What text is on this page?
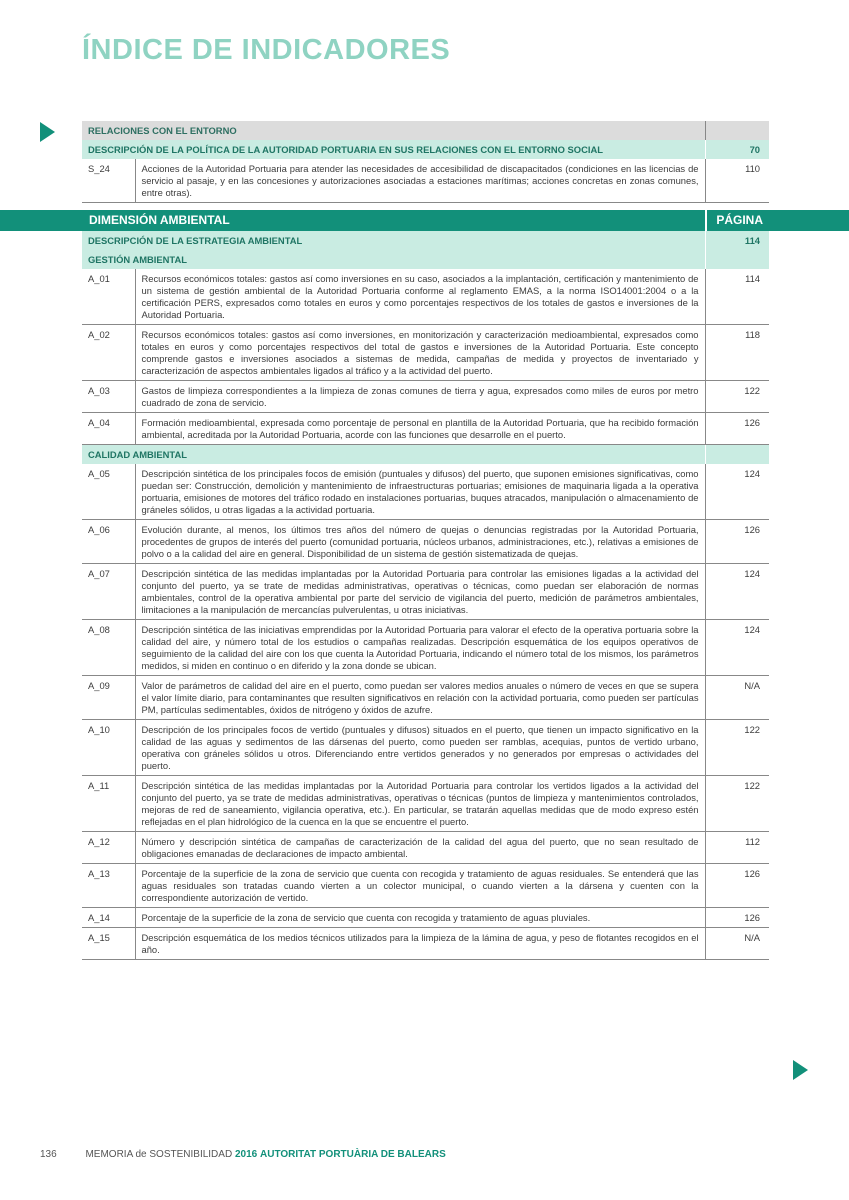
ÍNDICE DE INDICADORES
RELACIONES CON EL ENTORNO		
DESCRIPCIÓN DE LA POLÍTICA DE LA AUTORIDAD PORTUARIA EN SUS RELACIONES CON EL ENTORNO SOCIAL		70
S_24	Acciones de la Autoridad Portuaria para atender las necesidades de accesibilidad de discapacitados (condiciones en las licencias de servicio al pasaje, y en las concesiones y autorizaciones asociadas a estaciones marítimas; acciones concretas en zonas comunes, entre otras).	110
DIMENSIÓN AMBIENTAL	PÁGINA
DESCRIPCIÓN DE LA ESTRATEGIA AMBIENTAL		114
GESTIÓN AMBIENTAL		
A_01	Recursos económicos totales: gastos así como inversiones en su caso, asociados a la implantación, certificación y mantenimiento de un sistema de gestión ambiental de la Autoridad Portuaria conforme al reglamento EMAS, a la norma ISO14001:2004 o a la certificación PERS, expresados como totales en euros y como porcentajes respectivos de los totales de gastos e inversiones de la Autoridad Portuaria.	114
A_02	Recursos económicos totales: gastos así como inversiones, en monitorización y caracterización medioambiental, expresados como totales en euros y como porcentajes respectivos del total de gastos e inversiones de la Autoridad Portuaria. Este concepto comprende gastos e inversiones asociados a sistemas de medida, campañas de medida y proyectos de inventariado y caracterización de aspectos ambientales ligados al tráfico y a la actividad del puerto.	118
A_03	Gastos de limpieza correspondientes a la limpieza de zonas comunes de tierra y agua, expresados como miles de euros por metro cuadrado de zona de servicio.	122
A_04	Formación medioambiental, expresada como porcentaje de personal en plantilla de la Autoridad Portuaria, que ha recibido formación ambiental, acreditada por la Autoridad Portuaria, acorde con las funciones que desarrolle en el puerto.	126
CALIDAD AMBIENTAL		
A_05	Descripción sintética de los principales focos de emisión (puntuales y difusos) del puerto, que suponen emisiones significativas, como puedan ser: Construcción, demolición y mantenimiento de infraestructuras portuarias; emisiones de maquinaria ligada a la operativa portuaria, emisiones de motores del tráfico rodado en instalaciones portuarias, buques atracados, manipulación o almacenamiento de gráneles sólidos, u otras ligadas a la actividad portuaria.	124
A_06	Evolución durante, al menos, los últimos tres años del número de quejas o denuncias registradas por la Autoridad Portuaria, procedentes de grupos de interés del puerto (comunidad portuaria, núcleos urbanos, administraciones, etc.), relativas a emisiones de polvo o a la calidad del aire en general. Disponibilidad de un sistema de gestión sistematizada de quejas.	126
A_07	Descripción sintética de las medidas implantadas por la Autoridad Portuaria para controlar las emisiones ligadas a la actividad del conjunto del puerto, ya se trate de medidas administrativas, operativas o técnicas, como puedan ser elaboración de normas ambientales, control de la operativa ambiental por parte del servicio de vigilancia del puerto, medición de parámetros ambientales, limitaciones a la manipulación de mercancías pulverulentas, u otras iniciativas.	124
A_08	Descripción sintética de las iniciativas emprendidas por la Autoridad Portuaria para valorar el efecto de la operativa portuaria sobre la calidad del aire, y número total de los estudios o campañas realizadas. Descripción esquemática de los equipos operativos de seguimiento de la calidad del aire con los que cuenta la Autoridad Portuaria, indicando el número total de los mismos, los parámetros medidos, si miden en continuo o en diferido y la zona donde se ubican.	124
A_09	Valor de parámetros de calidad del aire en el puerto, como puedan ser valores medios anuales o número de veces en que se supera el valor límite diario, para contaminantes que resulten significativos en relación con la actividad portuaria, como pueden ser partículas PM, partículas sedimentables, óxidos de nitrógeno y óxidos de azufre.	N/A
A_10	Descripción de los principales focos de vertido (puntuales y difusos) situados en el puerto, que tienen un impacto significativo en la calidad de las aguas y sedimentos de las dársenas del puerto, como pueden ser ramblas, acequias, puntos de vertido urbano, operativa con gráneles sólidos u otros. Diferenciando entre vertidos generados y no generados por empresas o actividades del puerto.	122
A_11	Descripción sintética de las medidas implantadas por la Autoridad Portuaria para controlar los vertidos ligados a la actividad del conjunto del puerto, ya se trate de medidas administrativas, operativas o técnicas (puntos de limpieza y mantenimientos controlados, mejoras de red de saneamiento, vigilancia operativa, etc.). En particular, se tratarán aquellas medidas que de modo expreso estén reflejadas en el plan hidrológico de la cuenca en la que se encuentre el puerto.	122
A_12	Número y descripción sintética de campañas de caracterización de la calidad del agua del puerto, que no sean resultado de obligaciones emanadas de declaraciones de impacto ambiental.	112
A_13	Porcentaje de la superficie de la zona de servicio que cuenta con recogida y tratamiento de aguas residuales. Se entenderá que las aguas residuales son tratadas cuando vierten a un colector municipal, o cuando vierten a la dársena y cuenten con la correspondiente autorización de vertido.	126
A_14	Porcentaje de la superficie de la zona de servicio que cuenta con recogida y tratamiento de aguas pluviales.	126
A_15	Descripción esquemática de los medios técnicos utilizados para la limpieza de la lámina de agua, y peso de flotantes recogidos en el año.	N/A
136	MEMORIA de SOSTENIBILIDAD 2016 AUTORITAT PORTUÀRIA DE BALEARS
